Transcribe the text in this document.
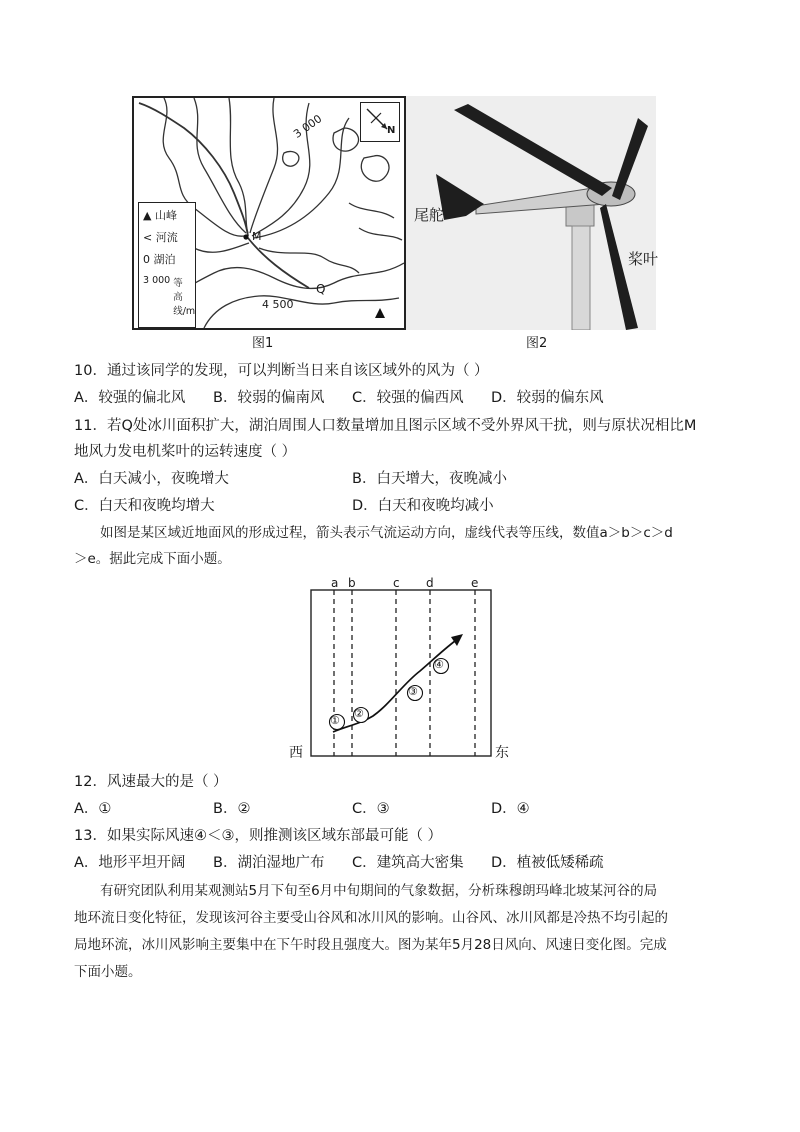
3 000
4 500
M
Q
N
▲ 山峰
< 河流
0 湖泊
3 000 等高线/m
图1
尾舵
桨叶
图2
10．通过该同学的发现，可以判断当日来自该区域外的风为（ ）
A．较强的偏北风 B．较弱的偏南风 C．较强的偏西风 D．较弱的偏东风
11．若Q处冰川面积扩大，湖泊周围人口数量增加且图示区域不受外界风干扰，则与原状况相比M
地风力发电机桨叶的运转速度（ ）
A．白天减小，夜晚增大	B．白天增大，夜晚减小
C．白天和夜晚均增大	D．白天和夜晚均减小
如图是某区域近地面风的形成过程，箭头表示气流运动方向，虚线代表等压线，数值a＞b＞c＞d
＞e。据此完成下面小题。
a b	c d	e
西	东
①
②
③
④
12．风速最大的是（ ）
A．①	B．②	C．③	D．④
13．如果实际风速④＜③，则推测该区域东部最可能（ ）
A．地形平坦开阔 B．湖泊湿地广布 C．建筑高大密集 D．植被低矮稀疏
有研究团队利用某观测站5月下旬至6月中旬期间的气象数据，分析珠穆朗玛峰北坡某河谷的局
地环流日变化特征，发现该河谷主要受山谷风和冰川风的影响。山谷风、冰川风都是冷热不均引起的
局地环流，冰川风影响主要集中在下午时段且强度大。图为某年5月28日风向、风速日变化图。完成
下面小题。
